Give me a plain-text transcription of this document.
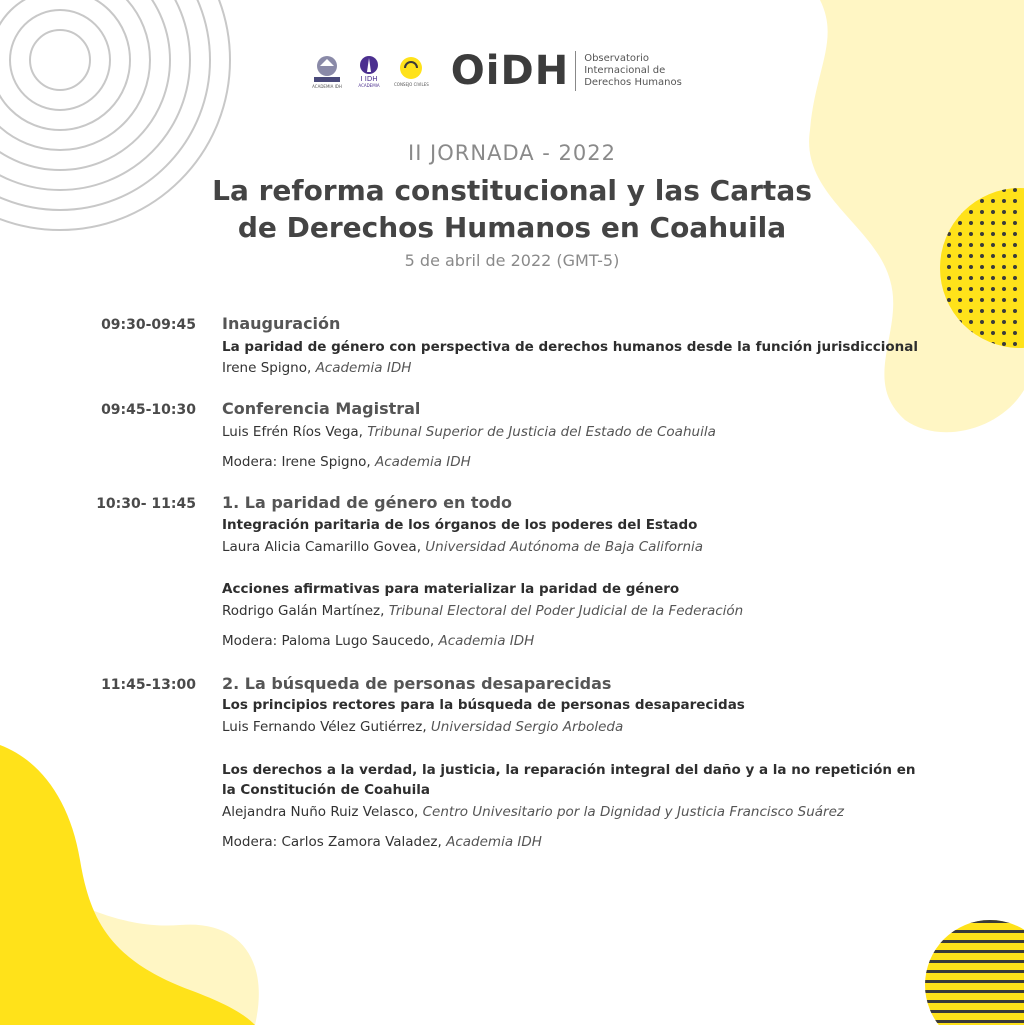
ACADEMIA IDH
I IDH
ACADEMIA	CONSEJO CIVILES OiDH Observatorio
Internacional de
Derechos Humanos
II JORNADA - 2022
La reforma constitucional y las Cartas
de Derechos Humanos en Coahuila
5 de abril de 2022 (GMT-5)
09:30-09:45 Inauguración
La paridad de género con perspectiva de derechos humanos desde la función jurisdiccional
Irene Spigno, Academia IDH
09:45-10:30 Conferencia Magistral
Luis Efrén Ríos Vega, Tribunal Superior de Justicia del Estado de Coahuila
Modera: Irene Spigno, Academia IDH
10:30- 11:45 1. La paridad de género en todo
Integración paritaria de los órganos de los poderes del Estado
Laura Alicia Camarillo Govea, Universidad Autónoma de Baja California
Acciones afirmativas para materializar la paridad de género
Rodrigo Galán Martínez, Tribunal Electoral del Poder Judicial de la Federación
Modera: Paloma Lugo Saucedo, Academia IDH
11:45-13:00 2. La búsqueda de personas desaparecidas
Los principios rectores para la búsqueda de personas desaparecidas
Luis Fernando Vélez Gutiérrez, Universidad Sergio Arboleda
Los derechos a la verdad, la justicia, la reparación integral del daño y a la no repetición en
la Constitución de Coahuila
Alejandra Nuño Ruiz Velasco, Centro Univesitario por la Dignidad y Justicia Francisco Suárez
Modera: Carlos Zamora Valadez, Academia IDH
